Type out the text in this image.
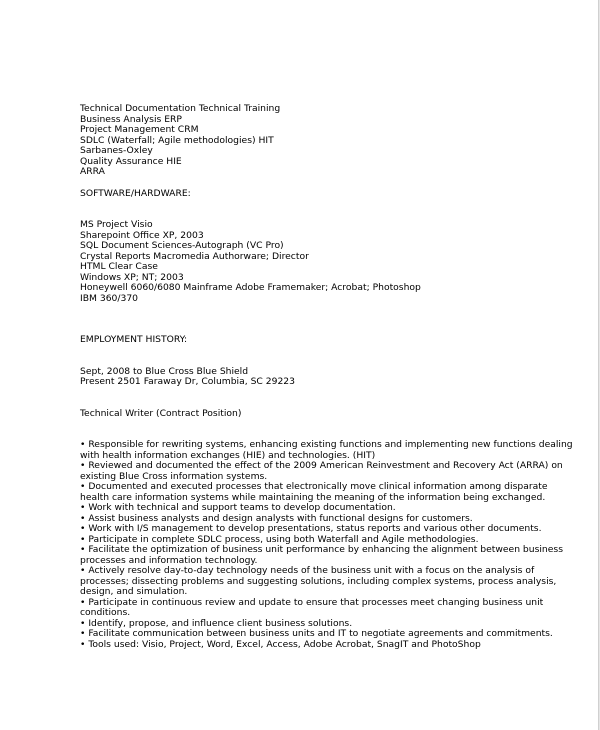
Technical Documentation Technical Training
Business Analysis ERP
Project Management CRM
SDLC (Waterfall; Agile methodologies) HIT
Sarbanes-Oxley
Quality Assurance HIE
ARRA
SOFTWARE/HARDWARE:
MS Project Visio
Sharepoint Office XP, 2003
SQL Document Sciences-Autograph (VC Pro)
Crystal Reports Macromedia Authorware; Director
HTML Clear Case
Windows XP; NT; 2003
Honeywell 6060/6080 Mainframe Adobe Framemaker; Acrobat; Photoshop
IBM 360/370
EMPLOYMENT HISTORY:
Sept, 2008 to Blue Cross Blue Shield
Present 2501 Faraway Dr, Columbia, SC 29223
Technical Writer (Contract Position)
• Responsible for rewriting systems, enhancing existing functions and implementing new functions dealing
with health information exchanges (HIE) and technologies. (HIT)
• Reviewed and documented the effect of the 2009 American Reinvestment and Recovery Act (ARRA) on
existing Blue Cross information systems.
• Documented and executed processes that electronically move clinical information among disparate
health care information systems while maintaining the meaning of the information being exchanged.
• Work with technical and support teams to develop documentation.
• Assist business analysts and design analysts with functional designs for customers.
• Work with I/S management to develop presentations, status reports and various other documents.
• Participate in complete SDLC process, using both Waterfall and Agile methodologies.
• Facilitate the optimization of business unit performance by enhancing the alignment between business
processes and information technology.
• Actively resolve day-to-day technology needs of the business unit with a focus on the analysis of
processes; dissecting problems and suggesting solutions, including complex systems, process analysis,
design, and simulation.
• Participate in continuous review and update to ensure that processes meet changing business unit
conditions.
• Identify, propose, and influence client business solutions.
• Facilitate communication between business units and IT to negotiate agreements and commitments.
• Tools used: Visio, Project, Word, Excel, Access, Adobe Acrobat, SnagIT and PhotoShop
